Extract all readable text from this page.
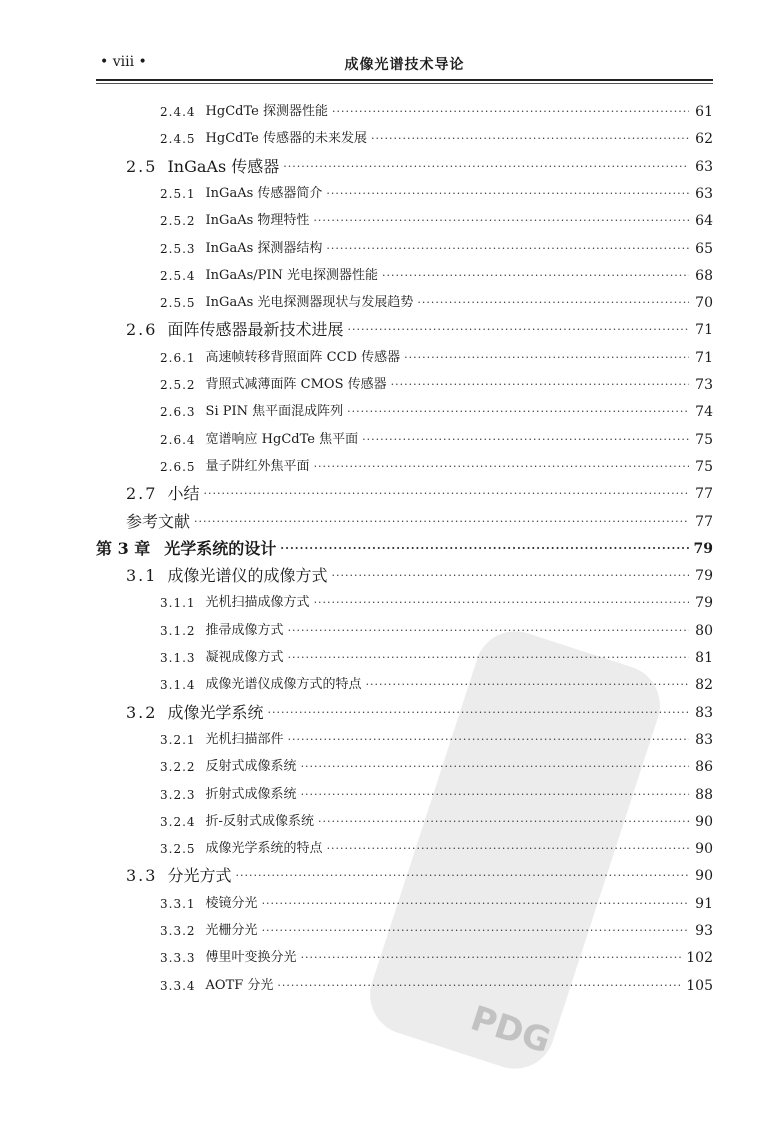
• viii •	成像光谱技术导论
PDG
2.4.4 HgCdTe 探测器性能 ·····	61
2.4.5 HgCdTe 传感器的未来发展 ·····	62
2.5 InGaAs 传感器 ·····	63
2.5.1 InGaAs 传感器简介 ·····	63
2.5.2 InGaAs 物理特性 ·····	64
2.5.3 InGaAs 探测器结构 ·····	65
2.5.4 InGaAs/PIN 光电探测器性能 ·····	68
2.5.5 InGaAs 光电探测器现状与发展趋势 ·····	70
2.6 面阵传感器最新技术进展 ·····	71
2.6.1 高速帧转移背照面阵 CCD 传感器 ·····	71
2.5.2 背照式减薄面阵 CMOS 传感器 ·····	73
2.6.3 Si PIN 焦平面混成阵列 ·····	74
2.6.4 宽谱响应 HgCdTe 焦平面 ·····	75
2.6.5 量子阱红外焦平面 ·····	75
2.7 小结 ·····	77
参考文献 ·····	77
第 3 章 光学系统的设计 ·····	79
3.1 成像光谱仪的成像方式 ·····	79
3.1.1 光机扫描成像方式 ·····	79
3.1.2 推帚成像方式 ·····	80
3.1.3 凝视成像方式 ·····	81
3.1.4 成像光谱仪成像方式的特点 ·····	82
3.2 成像光学系统 ·····	83
3.2.1 光机扫描部件 ·····	83
3.2.2 反射式成像系统 ·····	86
3.2.3 折射式成像系统 ·····	88
3.2.4 折-反射式成像系统 ·····	90
3.2.5 成像光学系统的特点 ·····	90
3.3 分光方式 ·····	90
3.3.1 棱镜分光 ·····	91
3.3.2 光栅分光 ·····	93
3.3.3 傅里叶变换分光 ·····	102
3.3.4 AOTF 分光 ·····	105
